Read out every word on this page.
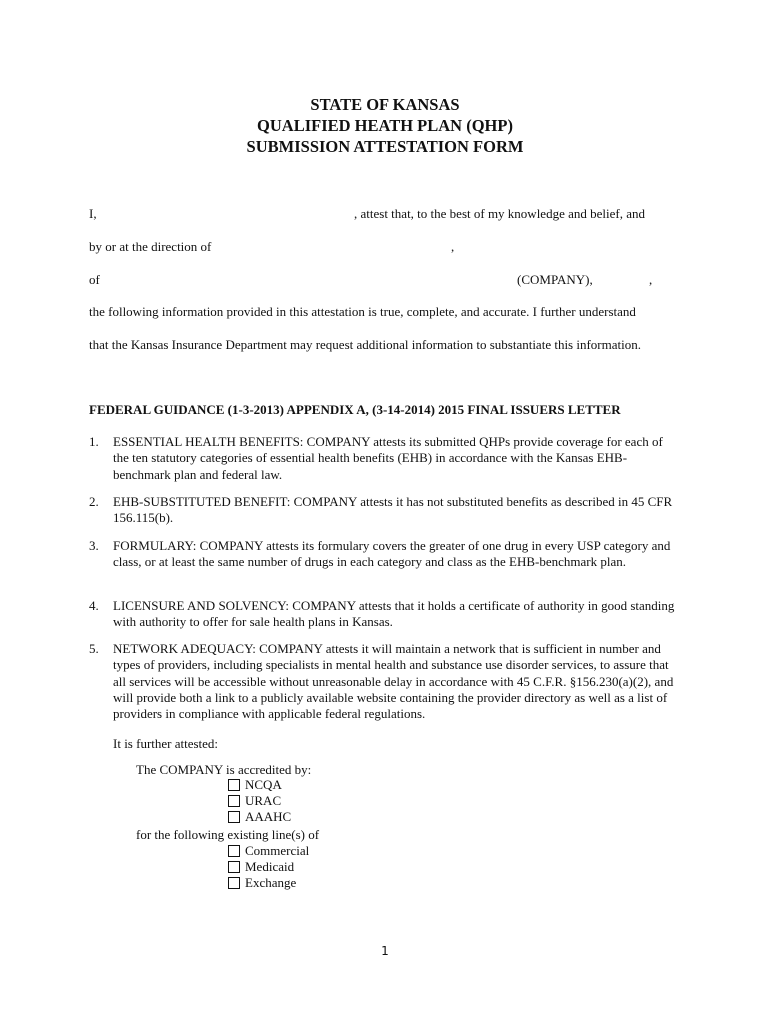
STATE OF KANSAS
QUALIFIED HEATH PLAN (QHP)
SUBMISSION ATTESTATION FORM
I,	, attest that, to the best of my knowledge and belief, and
by or at the direction of	,
of	(COMPANY),	,
the following information provided in this attestation is true, complete, and accurate. I further understand
that the Kansas Insurance Department may request additional information to substantiate this information.
FEDERAL GUIDANCE (1-3-2013) APPENDIX A, (3-14-2014) 2015 FINAL ISSUERS LETTER
1. ESSENTIAL HEALTH BENEFITS: COMPANY attests its submitted QHPs provide coverage for each of the ten statutory categories of essential health benefits (EHB) in accordance with the Kansas EHB-benchmark plan and federal law.
2. EHB-SUBSTITUTED BENEFIT: COMPANY attests it has not substituted benefits as described in 45 CFR 156.115(b).
3. FORMULARY: COMPANY attests its formulary covers the greater of one drug in every USP category and class, or at least the same number of drugs in each category and class as the EHB-benchmark plan.
4. LICENSURE AND SOLVENCY: COMPANY attests that it holds a certificate of authority in good standing with authority to offer for sale health plans in Kansas.
5. NETWORK ADEQUACY: COMPANY attests it will maintain a network that is sufficient in number and types of providers, including specialists in mental health and substance use disorder services, to assure that all services will be accessible without unreasonable delay in accordance with 45 C.F.R. §156.230(a)(2), and will provide both a link to a publicly available website containing the provider directory as well as a list of providers in compliance with applicable federal regulations.
It is further attested:
The COMPANY is accredited by:
NCQA
URAC
AAAHC
for the following existing line(s) of
Commercial
Medicaid
Exchange
1
